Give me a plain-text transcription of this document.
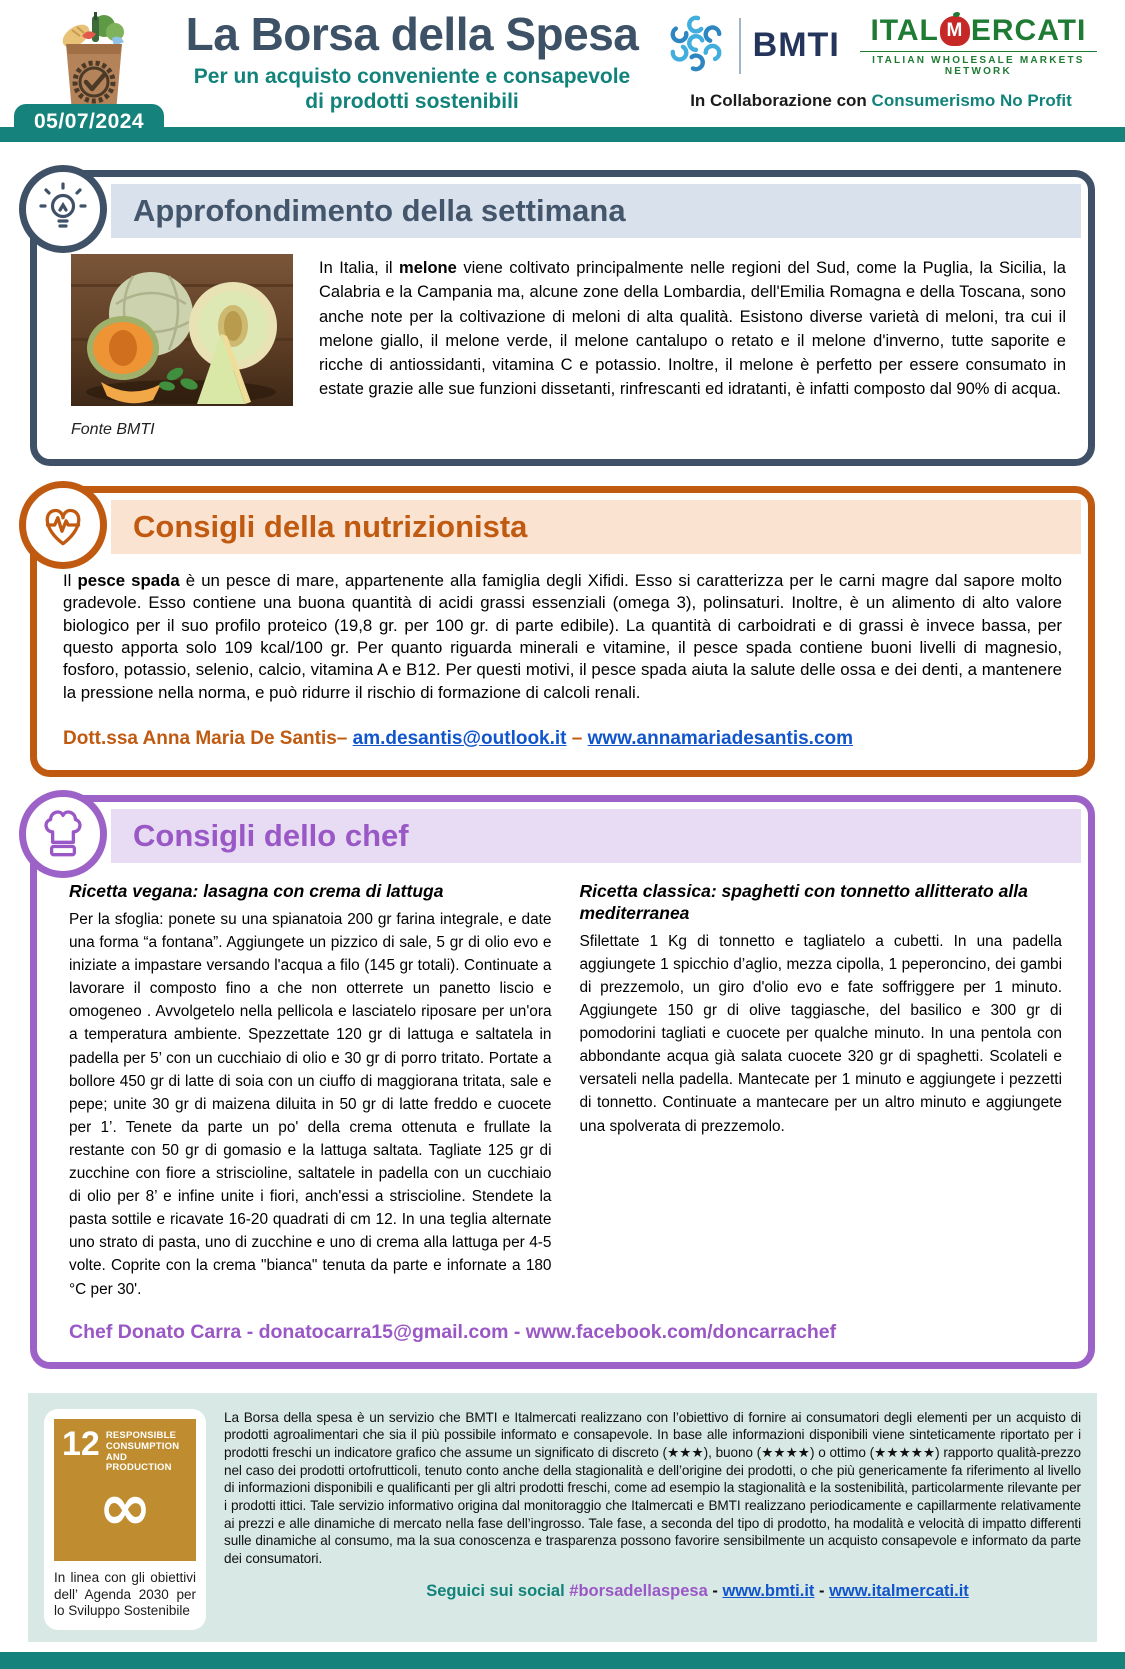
La Borsa della Spesa
Per un acquisto conveniente e consapevole
di prodotti sostenibili
BMTI ITAL M ERCATI
ITALIAN WHOLESALE MARKETS NETWORK
In Collaborazione con Consumerismo No Profit
05/07/2024
Approfondimento della settimana
Fonte BMTI

In Italia, il melone viene coltivato principalmente nelle regioni del Sud, come la Puglia, la Sicilia, la Calabria e la Campania ma, alcune zone della Lombardia, dell'Emilia Romagna e della Toscana, sono anche note per la coltivazione di meloni di alta qualità. Esistono diverse varietà di meloni, tra cui il melone giallo, il melone verde, il melone cantalupo o retato e il melone d'inverno, tutte saporite e ricche di antiossidanti, vitamina C e potassio. Inoltre, il melone è perfetto per essere consumato in estate grazie alle sue funzioni dissetanti, rinfrescanti ed idratanti, è infatti composto dal 90% di acqua.

Consigli della nutrizionista

Il pesce spada è un pesce di mare, appartenente alla famiglia degli Xifidi. Esso si caratterizza per le carni magre dal sapore molto gradevole. Esso contiene una buona quantità di acidi grassi essenziali (omega 3), polinsaturi. Inoltre, è un alimento di alto valore biologico per il suo profilo proteico (19,8 gr. per 100 gr. di parte edibile). La quantità di carboidrati e di grassi è invece bassa, per questo apporta solo 109 kcal/100 gr. Per quanto riguarda minerali e vitamine, il pesce spada contiene buoni livelli di magnesio, fosforo, potassio, selenio, calcio, vitamina A e B12. Per questi motivi, il pesce spada aiuta la salute delle ossa e dei denti, a mantenere la pressione nella norma, e può ridurre il rischio di formazione di calcoli renali.

Dott.ssa Anna Maria De Santis– am.desantis@outlook.it – www.annamariadesantis.com

Consigli dello chef
Ricetta vegana: lasagna con crema di lattuga

Per la sfoglia: ponete su una spianatoia 200 gr farina integrale, e date una forma “a fontana”. Aggiungete un pizzico di sale, 5 gr di olio evo e iniziate a impastare versando l'acqua a filo (145 gr totali). Continuate a lavorare il composto fino a che non otterrete un panetto liscio e omogeneo . Avvolgetelo nella pellicola e lasciatelo riposare per un'ora a temperatura ambiente. Spezzettate 120 gr di lattuga e saltatela in padella per 5’ con un cucchiaio di olio e 30 gr di porro tritato. Portate a bollore 450 gr di latte di soia con un ciuffo di maggiorana tritata, sale e pepe; unite 30 gr di maizena diluita in 50 gr di latte freddo e cuocete per 1’. Tenete da parte un po' della crema ottenuta e frullate la restante con 50 gr di gomasio e la lattuga saltata. Tagliate 125 gr di zucchine con fiore a striscioline, saltatele in padella con un cucchiaio di olio per 8’ e infine unite i fiori, anch'essi a striscioline. Stendete la pasta sottile e ricavate 16-20 quadrati di cm 12. In una teglia alternate uno strato di pasta, uno di zucchine e uno di crema alla lattuga per 4-5 volte. Coprite con la crema "bianca" tenuta da parte e infornate a 180 °C per 30'.

Ricetta classica: spaghetti con tonnetto allitterato alla mediterranea

Sfilettate 1 Kg di tonnetto e tagliatelo a cubetti. In una padella aggiungete 1 spicchio d’aglio, mezza cipolla, 1 peperoncino, dei gambi di prezzemolo, un giro d'olio evo e fate soffriggere per 1 minuto. Aggiungete 150 gr di olive taggiasche, del basilico e 300 gr di pomodorini tagliati e cuocete per qualche minuto. In una pentola con abbondante acqua già salata cuocete 320 gr di spaghetti. Scolateli e versateli nella padella. Mantecate per 1 minuto e aggiungete i pezzetti di tonnetto. Continuate a mantecare per un altro minuto e aggiungete una spolverata di prezzemolo.

Chef Donato Carra - donatocarra15@gmail.com - www.facebook.com/doncarrachef
12 RESPONSIBLE CONSUMPTION AND PRODUCTION
∞
In linea con gli obiettivi dell’ Agenda 2030 per lo Sviluppo Sostenibile

La Borsa della spesa è un servizio che BMTI e Italmercati realizzano con l’obiettivo di fornire ai consumatori degli elementi per un acquisto di prodotti agroalimentari che sia il più possibile informato e consapevole. In base alle informazioni disponibili viene sinteticamente riportato per i prodotti freschi un indicatore grafico che assume un significato di discreto (★★★), buono (★★★★) o ottimo (★★★★★) rapporto qualità-prezzo nel caso dei prodotti ortofrutticoli, tenuto conto anche della stagionalità e dell’origine dei prodotti, o che più genericamente fa riferimento al livello di informazioni disponibili e qualificanti per gli altri prodotti freschi, come ad esempio la stagionalità e la sostenibilità, particolarmente rilevante per i prodotti ittici. Tale servizio informativo origina dal monitoraggio che Italmercati e BMTI realizzano periodicamente e capillarmente relativamente ai prezzi e alle dinamiche di mercato nella fase dell’ingrosso. Tale fase, a seconda del tipo di prodotto, ha modalità e velocità di impatto differenti sulle dinamiche al consumo, ma la sua conoscenza e trasparenza possono favorire sensibilmente un acquisto consapevole e informato da parte dei consumatori.

Seguici sui social #borsadellaspesa - www.bmti.it - www.italmercati.it
